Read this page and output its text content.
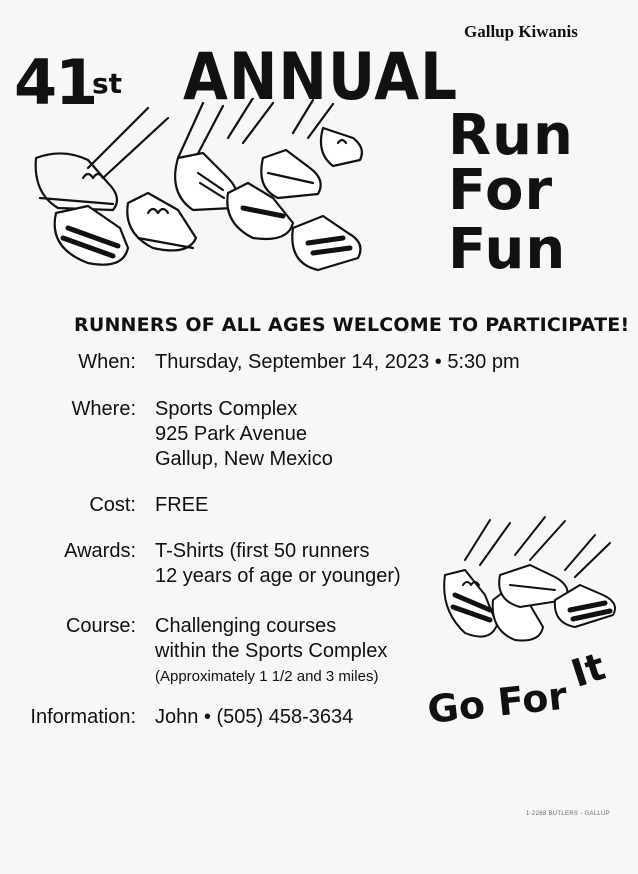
Gallup Kiwanis
41
st ANNUAL
Run
For
Fun
RUNNERS OF ALL AGES WELCOME TO PARTICIPATE!
When: Thursday, September 14, 2023 • 5:30 pm
Where: Sports Complex
925 Park Avenue
Gallup, New Mexico
Cost: FREE
Awards: T-Shirts (first 50 runners
12 years of age or younger)
Course: Challenging courses
within the Sports Complex
(Approximately 1 1/2 and 3 miles)
Information: John • (505) 458-3634 Go For
It
1-2268 BUTLERS - GALLUP
